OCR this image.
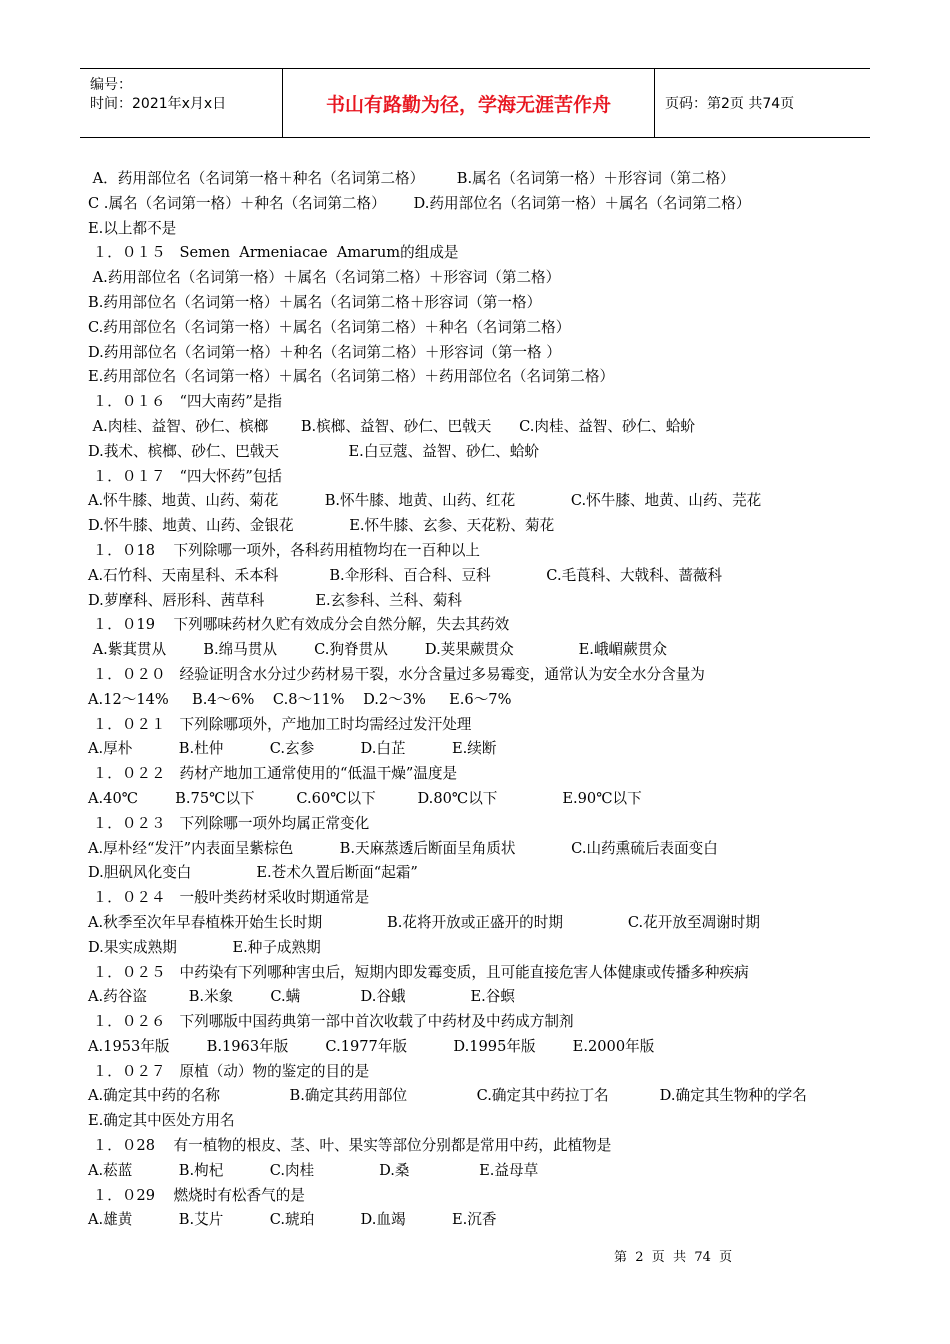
编号：
时间：2021年x月x日	书山有路勤为径，学海无涯苦作舟	页码：第2页 共74页
A．药用部位名（名词第一格＋种名（名词第二格）       B.属名（名词第一格）＋形容词（第二格）
C .属名（名词第一格）＋种名（名词第二格）      D.药用部位名（名词第一格）＋属名（名词第二格）
E.以上都不是
１．０１５   Semen  Armeniacae  Amarum的组成是
A.药用部位名（名词第一格）＋属名（名词第二格）＋形容词（第二格）
B.药用部位名（名词第一格）＋属名（名词第二格＋形容词（第一格）
C.药用部位名（名词第一格）＋属名（名词第二格）＋种名（名词第二格）
D.药用部位名（名词第一格）＋种名（名词第二格）＋形容词（第一格 ）
E.药用部位名（名词第一格）＋属名（名词第二格）＋药用部位名（名词第二格）
１．０１６   “四大南药”是指
A.肉桂、益智、砂仁、槟榔       B.槟榔、益智、砂仁、巴戟天      C.肉桂、益智、砂仁、蛤蚧
D.莪术、槟榔、砂仁、巴戟天               E.白豆蔻、益智、砂仁、蛤蚧
１．０１７   “四大怀药”包括
A.怀牛膝、地黄、山药、菊花          B.怀牛膝、地黄、山药、红花            C.怀牛膝、地黄、山药、芫花
D.怀牛膝、地黄、山药、金银花            E.怀牛膝、玄参、天花粉、菊花
１．０18    下列除哪一项外，各科药用植物均在一百种以上
A.石竹科、天南星科、禾本科           B.伞形科、百合科、豆科            C.毛莨科、大戟科、蔷薇科
D.萝摩科、唇形科、茜草科           E.玄参科、兰科、菊科
１．０19    下列哪味药材久贮有效成分会自然分解，失去其药效
A.紫萁贯从        B.绵马贯从        C.狗脊贯从        D.荚果蕨贯众              E.峨嵋蕨贯众
１．０２０   经验证明含水分过少药材易干裂，水分含量过多易霉变，通常认为安全水分含量为
A.12～14%     B.4～6%    C.8～11%    D.2～3%     E.6～7%
１．０２１   下列除哪项外，产地加工时均需经过发汗处理
A.厚朴          B.杜仲          C.玄参          D.白芷          E.续断
１．０２２   药材产地加工通常使用的“低温干燥”温度是
A.40℃        B.75℃以下         C.60℃以下         D.80℃以下              E.90℃以下
１．０２３   下列除哪一项外均属正常变化
A.厚朴经“发汗”内表面呈紫棕色          B.天麻蒸透后断面呈角质状            C.山药熏硫后表面变白
D.胆矾风化变白              E.苍术久置后断面“起霜”
１．０２４   一般叶类药材采收时期通常是
A.秋季至次年早春植株开始生长时期              B.花将开放或正盛开的时期              C.花开放至凋谢时期
D.果实成熟期            E.种子成熟期
１．０２５   中药染有下列哪种害虫后，短期内即发霉变质，且可能直接危害人体健康或传播多种疾病
A.药谷盗         B.米象        C.螨             D.谷蛾              E.谷螟
１．０２６   下列哪版中国药典第一部中首次收载了中药材及中药成方制剂
A.1953年版        B.1963年版        C.1977年版          D.1995年版        E.2000年版
１．０２７   原植（动）物的鉴定的目的是
A.确定其中药的名称               B.确定其药用部位               C.确定其中药拉丁名           D.确定其生物种的学名
E.确定其中医处方用名
１．０28    有一植物的根皮、茎、叶、果实等部位分别都是常用中药，此植物是
A.菘蓝          B.枸杞          C.肉桂              D.桑               E.益母草
１．０29    燃烧时有松香气的是
A.雄黄          B.艾片          C.琥珀          D.血竭          E.沉香
第  2  页  共  74  页
